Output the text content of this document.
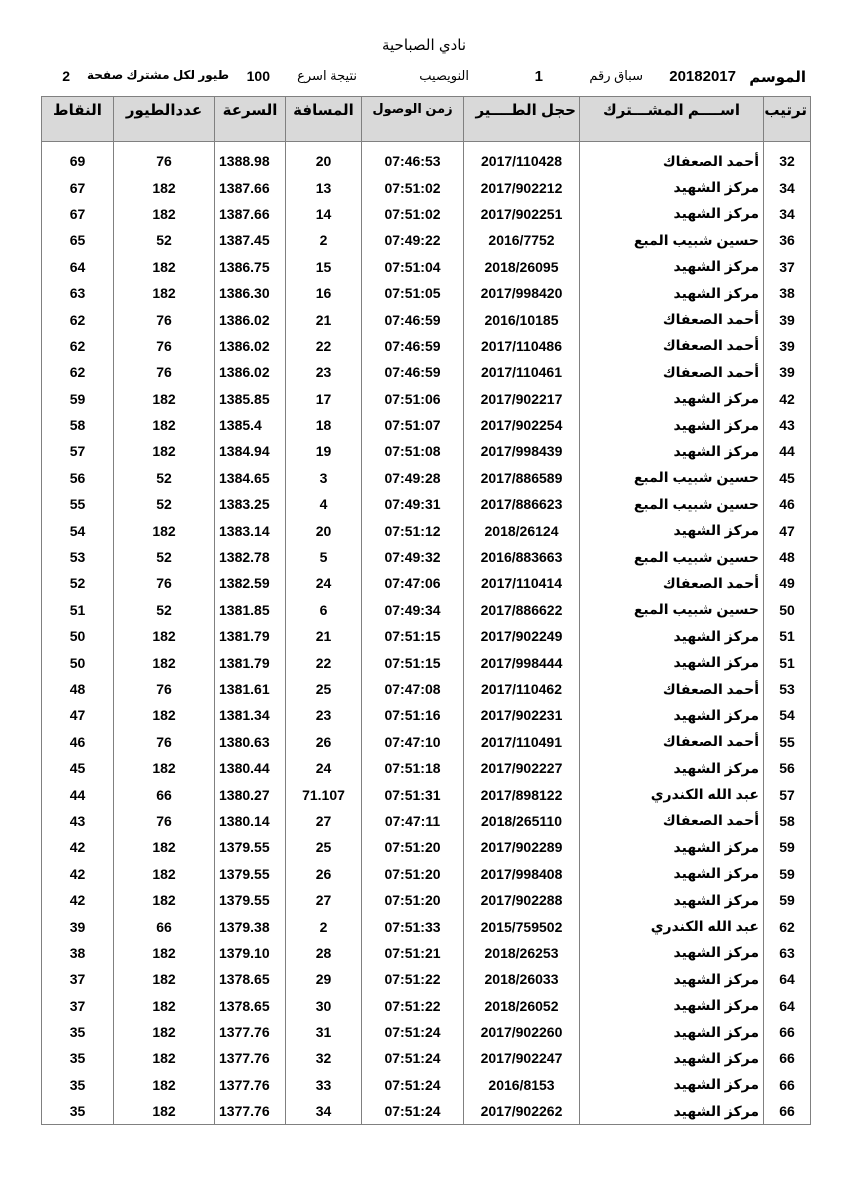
نادي الصباحية
الموسم
20182017
سباق رقم
1
النويصيب
نتيجة اسرع
100
طيور لكل مشترك صفحة
2
ترتيب	اســــم المشـــترك	حجل الطــــير	زمن الوصول	المسافة	السرعة	عددالطيور	النقاط

32	أحمد الصعفاك	2017/110428	07:46:53	20	1388.98	76	69
34	مركز الشهيد	2017/902212	07:51:02	13	1387.66	182	67
34	مركز الشهيد	2017/902251	07:51:02	14	1387.66	182	67
36	حسين شبيب المبع	2016/7752	07:49:22	2	1387.45	52	65
37	مركز الشهيد	2018/26095	07:51:04	15	1386.75	182	64
38	مركز الشهيد	2017/998420	07:51:05	16	1386.30	182	63
39	أحمد الصعفاك	2016/10185	07:46:59	21	1386.02	76	62
39	أحمد الصعفاك	2017/110486	07:46:59	22	1386.02	76	62
39	أحمد الصعفاك	2017/110461	07:46:59	23	1386.02	76	62
42	مركز الشهيد	2017/902217	07:51:06	17	1385.85	182	59
43	مركز الشهيد	2017/902254	07:51:07	18	1385.4	182	58
44	مركز الشهيد	2017/998439	07:51:08	19	1384.94	182	57
45	حسين شبيب المبع	2017/886589	07:49:28	3	1384.65	52	56
46	حسين شبيب المبع	2017/886623	07:49:31	4	1383.25	52	55
47	مركز الشهيد	2018/26124	07:51:12	20	1383.14	182	54
48	حسين شبيب المبع	2016/883663	07:49:32	5	1382.78	52	53
49	أحمد الصعفاك	2017/110414	07:47:06	24	1382.59	76	52
50	حسين شبيب المبع	2017/886622	07:49:34	6	1381.85	52	51
51	مركز الشهيد	2017/902249	07:51:15	21	1381.79	182	50
51	مركز الشهيد	2017/998444	07:51:15	22	1381.79	182	50
53	أحمد الصعفاك	2017/110462	07:47:08	25	1381.61	76	48
54	مركز الشهيد	2017/902231	07:51:16	23	1381.34	182	47
55	أحمد الصعفاك	2017/110491	07:47:10	26	1380.63	76	46
56	مركز الشهيد	2017/902227	07:51:18	24	1380.44	182	45
57	عبد الله الكندري	2017/898122	07:51:31	71.107	1380.27	66	44
58	أحمد الصعفاك	2018/265110	07:47:11	27	1380.14	76	43
59	مركز الشهيد	2017/902289	07:51:20	25	1379.55	182	42
59	مركز الشهيد	2017/998408	07:51:20	26	1379.55	182	42
59	مركز الشهيد	2017/902288	07:51:20	27	1379.55	182	42
62	عبد الله الكندري	2015/759502	07:51:33	2	1379.38	66	39
63	مركز الشهيد	2018/26253	07:51:21	28	1379.10	182	38
64	مركز الشهيد	2018/26033	07:51:22	29	1378.65	182	37
64	مركز الشهيد	2018/26052	07:51:22	30	1378.65	182	37
66	مركز الشهيد	2017/902260	07:51:24	31	1377.76	182	35
66	مركز الشهيد	2017/902247	07:51:24	32	1377.76	182	35
66	مركز الشهيد	2016/8153	07:51:24	33	1377.76	182	35
66	مركز الشهيد	2017/902262	07:51:24	34	1377.76	182	35
